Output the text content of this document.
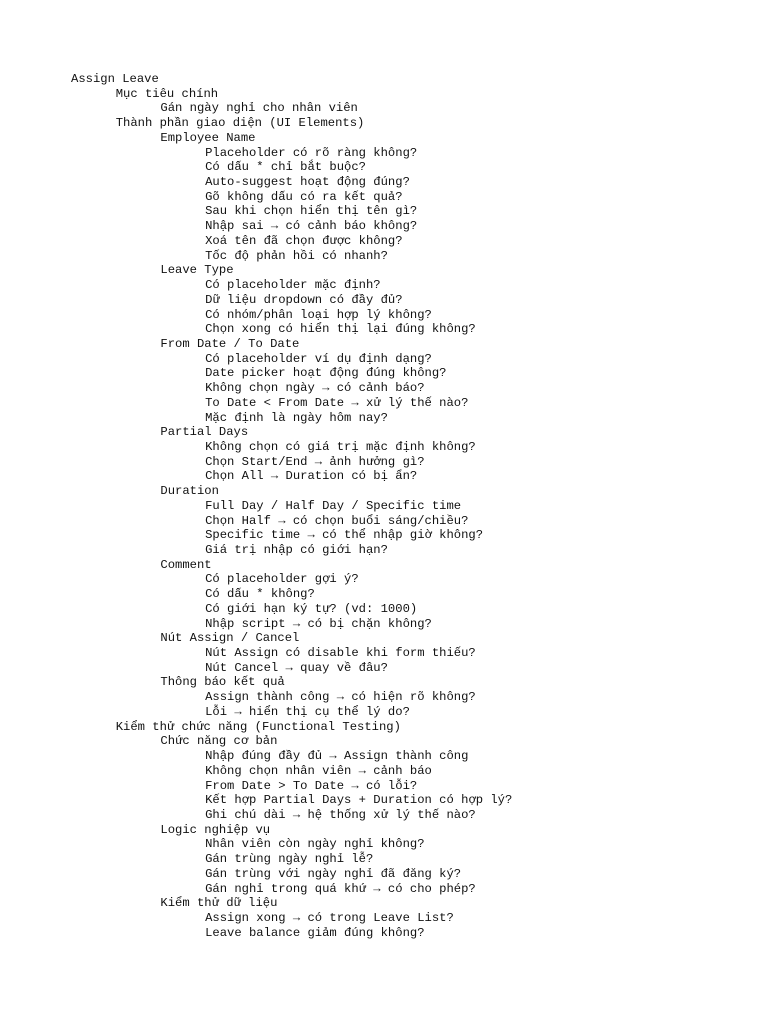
Assign Leave
Mục tiêu chính
Gán ngày nghỉ cho nhân viên
Thành phần giao diện (UI Elements)
Employee Name
Placeholder có rõ ràng không?
Có dấu * chỉ bắt buộc?
Auto-suggest hoạt động đúng?
Gõ không dấu có ra kết quả?
Sau khi chọn hiển thị tên gì?
Nhập sai → có cảnh báo không?
Xoá tên đã chọn được không?
Tốc độ phản hồi có nhanh?
Leave Type
Có placeholder mặc định?
Dữ liệu dropdown có đầy đủ?
Có nhóm/phân loại hợp lý không?
Chọn xong có hiển thị lại đúng không?
From Date / To Date
Có placeholder ví dụ định dạng?
Date picker hoạt động đúng không?
Không chọn ngày → có cảnh báo?
To Date < From Date → xử lý thế nào?
Mặc định là ngày hôm nay?
Partial Days
Không chọn có giá trị mặc định không?
Chọn Start/End → ảnh hưởng gì?
Chọn All → Duration có bị ẩn?
Duration
Full Day / Half Day / Specific time
Chọn Half → có chọn buổi sáng/chiều?
Specific time → có thể nhập giờ không?
Giá trị nhập có giới hạn?
Comment
Có placeholder gợi ý?
Có dấu * không?
Có giới hạn ký tự? (vd: 1000)
Nhập script → có bị chặn không?
Nút Assign / Cancel
Nút Assign có disable khi form thiếu?
Nút Cancel → quay về đâu?
Thông báo kết quả
Assign thành công → có hiện rõ không?
Lỗi → hiển thị cụ thể lý do?
Kiểm thử chức năng (Functional Testing)
Chức năng cơ bản
Nhập đúng đầy đủ → Assign thành công
Không chọn nhân viên → cảnh báo
From Date > To Date → có lỗi?
Kết hợp Partial Days + Duration có hợp lý?
Ghi chú dài → hệ thống xử lý thế nào?
Logic nghiệp vụ
Nhân viên còn ngày nghỉ không?
Gán trùng ngày nghỉ lễ?
Gán trùng với ngày nghỉ đã đăng ký?
Gán nghỉ trong quá khứ → có cho phép?
Kiểm thử dữ liệu
Assign xong → có trong Leave List?
Leave balance giảm đúng không?
